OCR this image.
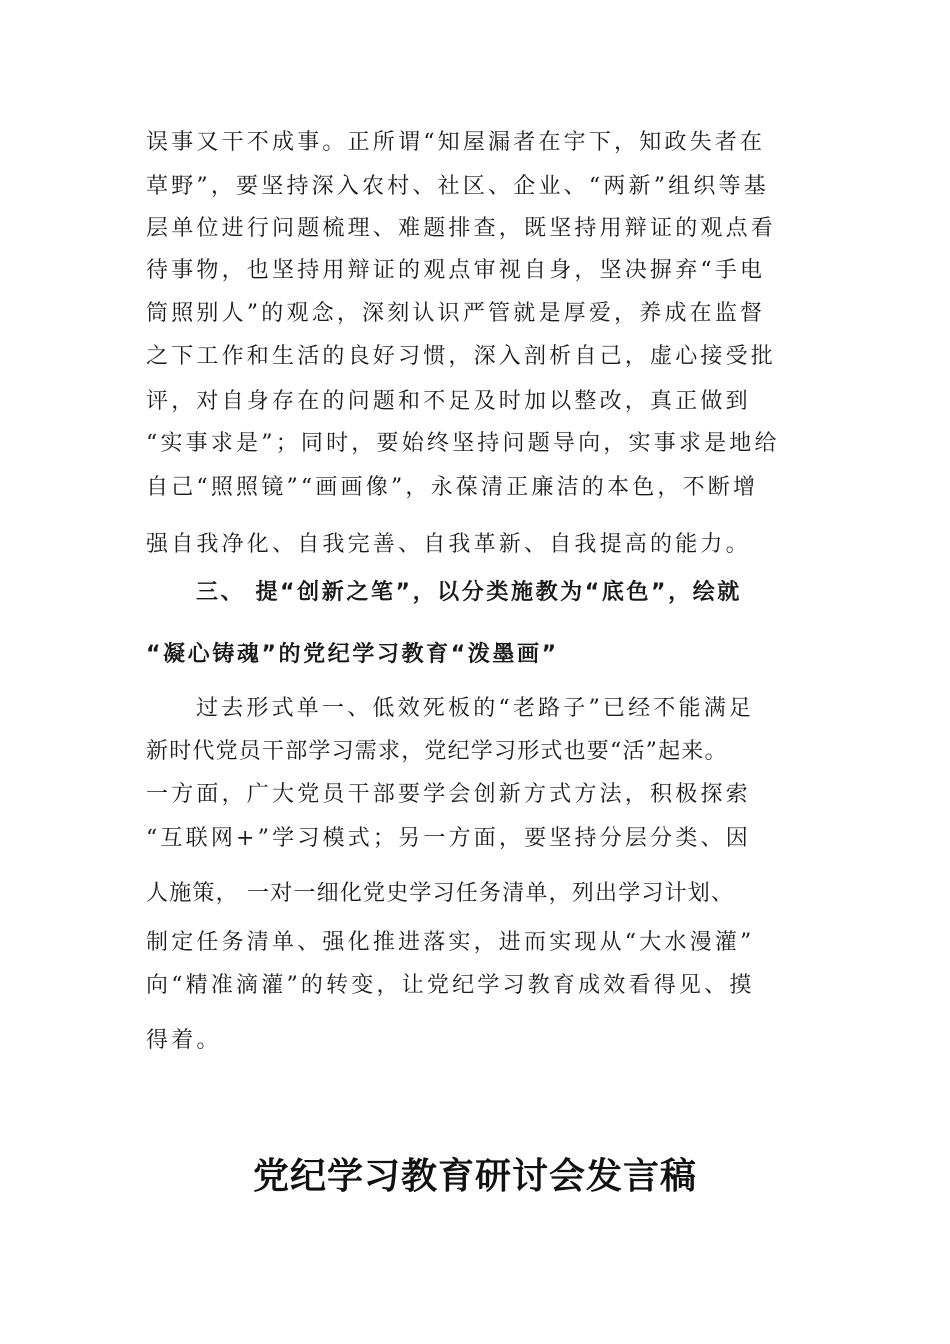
误事又干不成事。正所谓“知屋漏者在宇下，知政失者在
草野”，要坚持深入农村、社区、企业、“两新”组织等基
层单位进行问题梳理、难题排查，既坚持用辩证的观点看
待事物，也坚持用辩证的观点审视自身，坚决摒弃“手电
筒照别人”的观念，深刻认识严管就是厚爱，养成在监督
之下工作和生活的良好习惯，深入剖析自己，虚心接受批
评，对自身存在的问题和不足及时加以整改，真正做到
“实事求是”；同时，要始终坚持问题导向，实事求是地给
自己“照照镜”“画画像”，永葆清正廉洁的本色，不断增
强自我净化、自我完善、自我革新、自我提高的能力。
三、 提“创新之笔”，以分类施教为“底色”，绘就
“凝心铸魂”的党纪学习教育“泼墨画”
过去形式单一、低效死板的“老路子”已经不能满足
新时代党员干部学习需求，党纪学习形式也要“活”起来。
一方面，广大党员干部要学会创新方式方法，积极探索
“互联网+”学习模式；另一方面，要坚持分层分类、因
人施策， 一对一细化党史学习任务清单，列出学习计划、
制定任务清单、强化推进落实，进而实现从“大水漫灌”
向“精准滴灌”的转变，让党纪学习教育成效看得见、摸
得着。
党纪学习教育研讨会发言稿
